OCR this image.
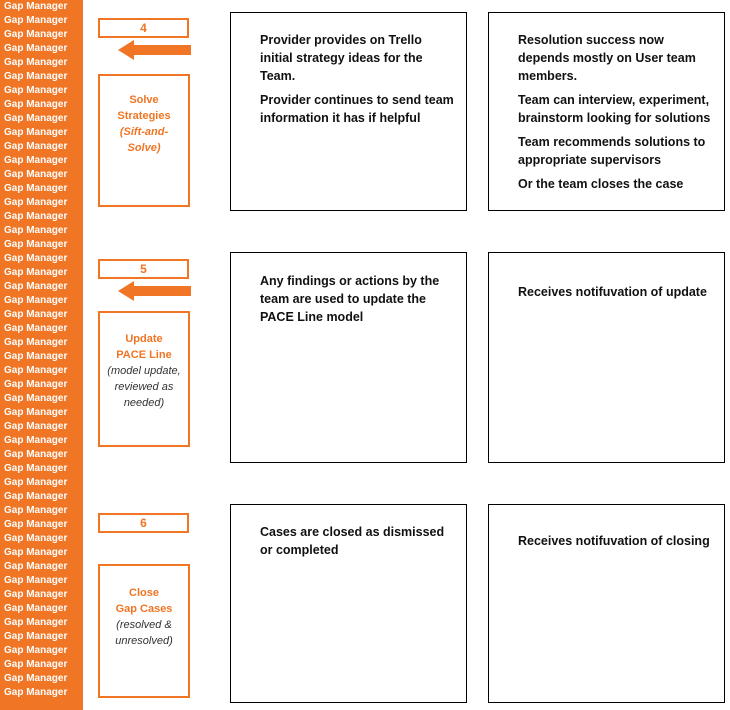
Gap Manager
Gap Manager
Gap Manager
Gap Manager
Gap Manager
Gap Manager
Gap Manager
Gap Manager
Gap Manager
Gap Manager
Gap Manager
Gap Manager
Gap Manager
Gap Manager
Gap Manager
Gap Manager
Gap Manager
Gap Manager
Gap Manager
Gap Manager
Gap Manager
Gap Manager
Gap Manager
Gap Manager
Gap Manager
Gap Manager
Gap Manager
Gap Manager
Gap Manager
Gap Manager
Gap Manager
Gap Manager
Gap Manager
Gap Manager
Gap Manager
Gap Manager
Gap Manager
Gap Manager
Gap Manager
Gap Manager
Gap Manager
Gap Manager
Gap Manager
Gap Manager
Gap Manager
Gap Manager
Gap Manager
Gap Manager
Gap Manager
Gap Manager
4
Solve
Strategies
(Sift-and-
Solve)

Provider provides on Trello initial strategy ideas for the Team.

Provider continues to send team information it has if helpful

Resolution success now depends mostly on User team members.

Team can interview, experiment, brainstorm looking for solutions

Team recommends solutions to appropriate supervisors

Or the team closes the case

5
Update
PACE Line
(model update,
reviewed as
needed)

Any findings or actions by the team are used to update the PACE Line model

Receives notifuvation of update

6
Close
Gap Cases
(resolved &
unresolved)

Cases are closed as dismissed or completed

Receives notifuvation of closing
